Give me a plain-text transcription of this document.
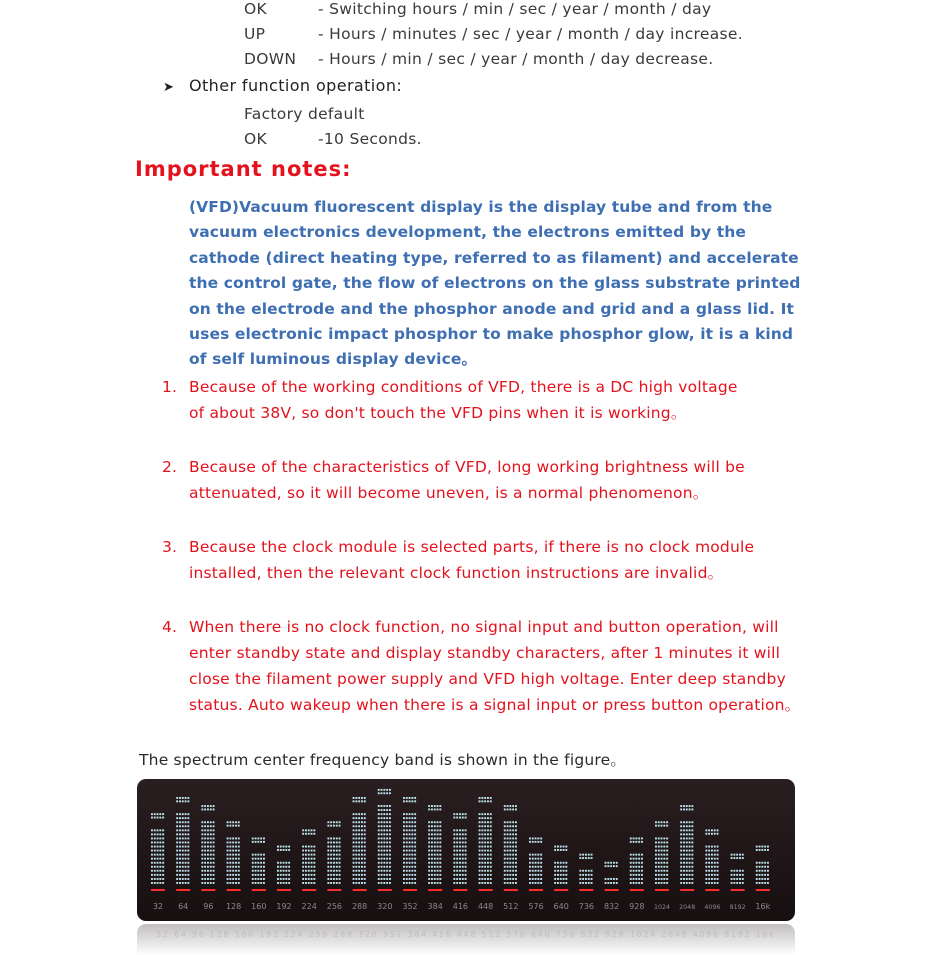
OK	- Switching hours / min / sec / year / month / day
UP	- Hours / minutes / sec / year / month / day increase.
DOWN - Hours / min / sec / year / month / day decrease.
➤ Other function operation:
Factory default
OK	-10 Seconds.
Important notes:
(VFD)Vacuum fluorescent display is the display tube and from the vacuum electronics development, the electrons emitted by the cathode (direct heating type, referred to as filament) and accelerate the control gate, the flow of electrons on the glass substrate printed on the electrode and the phosphor anode and grid and a glass lid. It uses electronic impact phosphor to make phosphor glow, it is a kind of self luminous display device。
1. Because of the working conditions of VFD, there is a DC high voltage of about 38V, so don't touch the VFD pins when it is working。
2. Because of the characteristics of VFD, long working brightness will be attenuated, so it will become uneven, is a normal phenomenon。
3. Because the clock module is selected parts, if there is no clock module installed, then the relevant clock function instructions are invalid。
4. When there is no clock function, no signal input and button operation, will enter standby state and display standby characters, after 1 minutes it will close the filament power supply and VFD high voltage. Enter deep standby status. Auto wakeup when there is a signal input or press button operation。
The spectrum center frequency band is shown in the figure。
32 64 96 128 160 192 224 256 288 320 352 384 416 448 512 576 640 736 832 928 1024 2048 4096 8192 16k
32 64 96 128 160 192 224 256 288 320 352 384 416 448 512 576 640 736 832 928 1024 2048 4096 8192 16k
